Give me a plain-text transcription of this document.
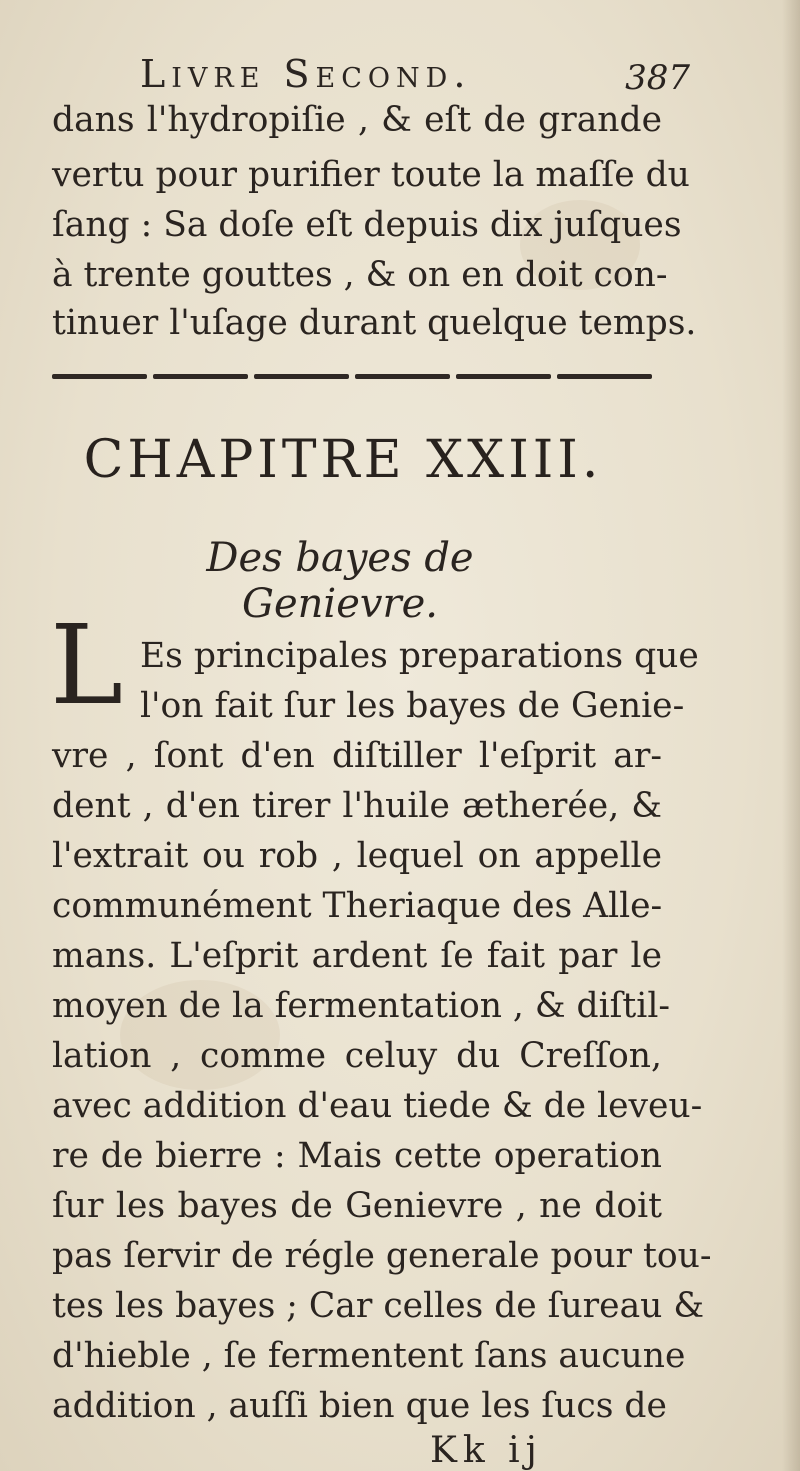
Livre Second.	387
dans l'hydropiſie , & eſt de grande
vertu pour purifier toute la maſſe du
ſang : Sa doſe eſt depuis dix juſques
à trente gouttes , & on en doit con-
tinuer l'uſage durant quelque temps.
CHAPITRE XXIII.
Des bayes de Genievre.
L Es principales preparations que
l'on fait ſur les bayes de Genie-
vre , ſont d'en diſtiller l'eſprit ar-
dent , d'en tirer l'huile ætherée, &
l'extrait ou rob , lequel on appelle
communément Theriaque des Alle-
mans. L'eſprit ardent ſe fait par le
moyen de la fermentation , & diſtil-
lation , comme celuy du Creſſon,
avec addition d'eau tiede & de leveu-
re de bierre : Mais cette operation
ſur les bayes de Genievre , ne doit
pas ſervir de régle generale pour tou-
tes les bayes ; Car celles de ſureau &
d'hieble , ſe fermentent ſans aucune
addition , auſſi bien que les ſucs de
Kk ij
